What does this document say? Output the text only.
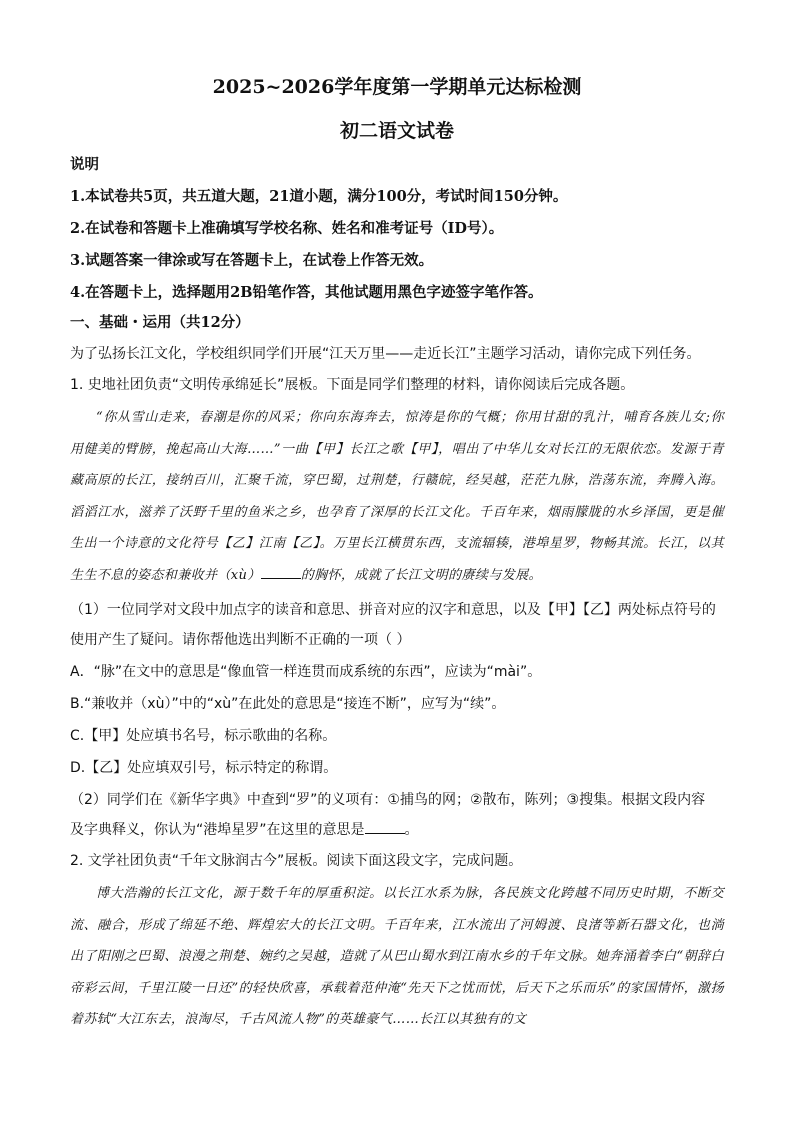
2025~2026学年度第一学期单元达标检测
初二语文试卷
说明
1.本试卷共5页，共五道大题，21道小题，满分100分，考试时间150分钟。
2.在试卷和答题卡上准确填写学校名称、姓名和准考证号（ID号）。
3.试题答案一律涂或写在答题卡上，在试卷上作答无效。
4.在答题卡上，选择题用2B铅笔作答，其他试题用黑色字迹签字笔作答。
一、基础・运用（共12分）
为了弘扬长江文化，学校组织同学们开展“江天万里——走近长江”主题学习活动，请你完成下列任务。
1. 史地社团负责“文明传承绵延长”展板。下面是同学们整理的材料，请你阅读后完成各题。
“你从雪山走来，春潮是你的风采；你向东海奔去，惊涛是你的气概；你用甘甜的乳汁，哺育各族儿女;你用健美的臂膀，挽起高山大海……”一曲【甲】长江之歌【甲】，唱出了中华儿女对长江的无限依恋。发源于青藏高原的长江，接纳百川，汇聚千流，穿巴蜀，过荆楚，行赣皖，经吴越，茫茫九脉，浩荡东流，奔腾入海。滔滔江水，滋养了沃野千里的鱼米之乡，也孕育了深厚的长江文化。千百年来，烟雨朦胧的水乡泽国，更是催生出一个诗意的文化符号【乙】江南【乙】。万里长江横贯东西，支流辐辏，港埠星罗，物畅其流。长江，以其生生不息的姿态和兼收并（xù）	的胸怀，成就了长江文明的赓续与发展。
（1）一位同学对文段中加点字的读音和意思、拼音对应的汉字和意思，以及【甲】【乙】两处标点符号的
使用产生了疑问。请你帮他选出判断不正确的一项（ ）
A．“脉”在文中的意思是“像血管一样连贯而成系统的东西”，应读为“mài”。
B.“兼收并（xù）”中的“xù”在此处的意思是“接连不断”，应写为“续”。
C.【甲】处应填书名号，标示歌曲的名称。
D.【乙】处应填双引号，标示特定的称谓。
（2）同学们在《新华字典》中查到“罗”的义项有：①捕鸟的网；②散布，陈列；③搜集。根据文段内容
及字典释义，你认为“港埠星罗”在这里的意思是	。
2. 文学社团负责“千年文脉润古今”展板。阅读下面这段文字，完成问题。
博大浩瀚的长江文化，源于数千年的厚重积淀。以长江水系为脉，各民族文化跨越不同历史时期，不断交流、融合，形成了绵延不绝、辉煌宏大的长江文明。千百年来，江水流出了河姆渡、良渚等新石器文化，也淌出了阳刚之巴蜀、浪漫之荆楚、婉约之吴越，造就了从巴山蜀水到江南水乡的千年文脉。她奔涌着李白“朝辞白帝彩云间，千里江陵一日还”的轻快欣喜，承载着范仲淹“先天下之忧而忧，后天下之乐而乐”的家国情怀，激扬着苏轼“大江东去，浪淘尽，千古风流人物”的英雄豪气……长江以其独有的文
